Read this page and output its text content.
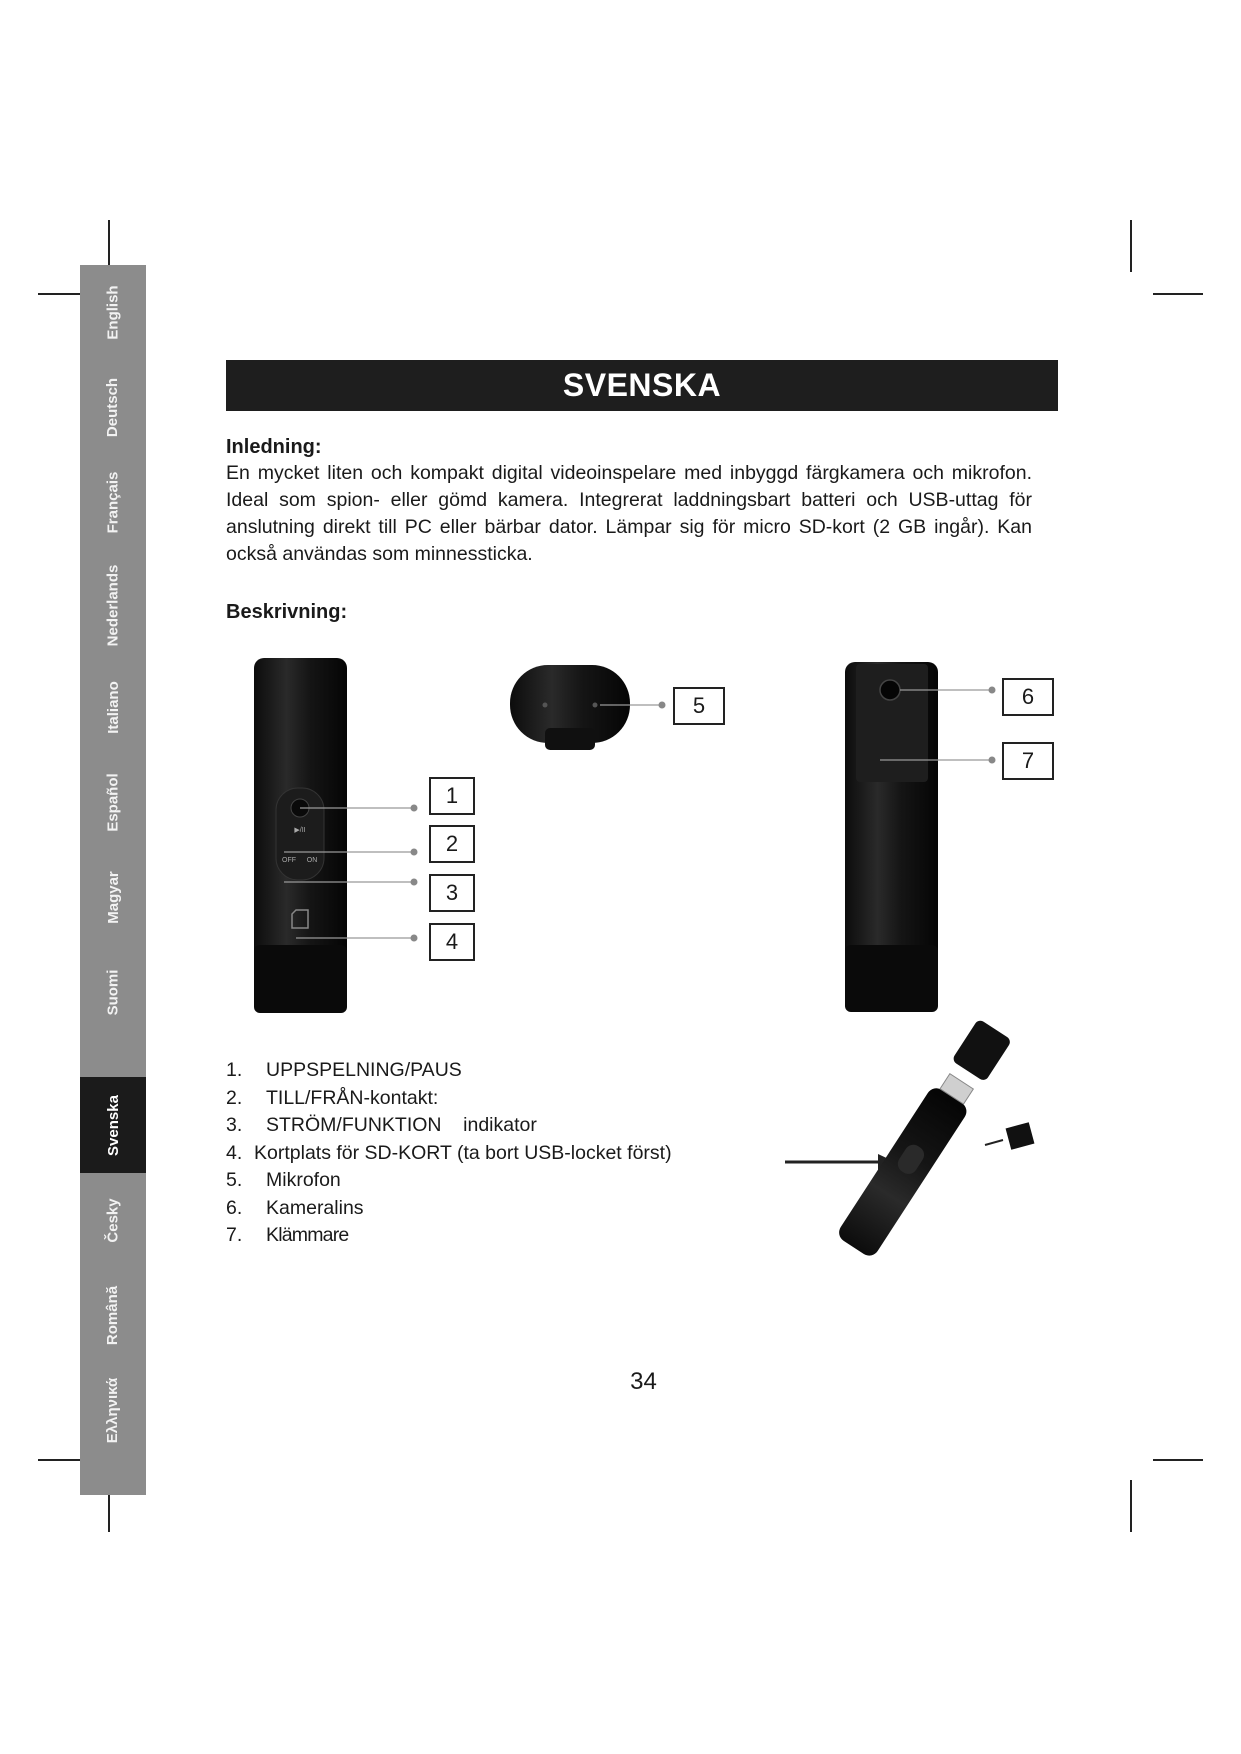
English
Deutsch
Français
Nederlands
Italiano
Español
Magyar
Suomi
Svenska
Česky
Română
Ελληνικά
SVENSKA
Inledning:
En mycket liten och kompakt digital videoinspelare med inbyggd färgkamera och mikrofon. Ideal som spion- eller gömd kamera. Integrerat laddningsbart batteri och USB-uttag för anslutning direkt till PC eller bärbar dator. Lämpar sig för micro SD-kort (2 GB ingår). Kan också användas som minnessticka.
Beskrivning:
▶/II
OFF ON
1
2
3
4
5	6
7
1.	UPPSPELNING/PAUS
2.	TILL/FRÅN-kontakt:
3.	STRÖM/FUNKTION    indikator
4. Kortplats för SD-KORT (ta bort USB-locket först)
5.	Mikrofon
6.	Kameralins
7.	Klämmare
34
